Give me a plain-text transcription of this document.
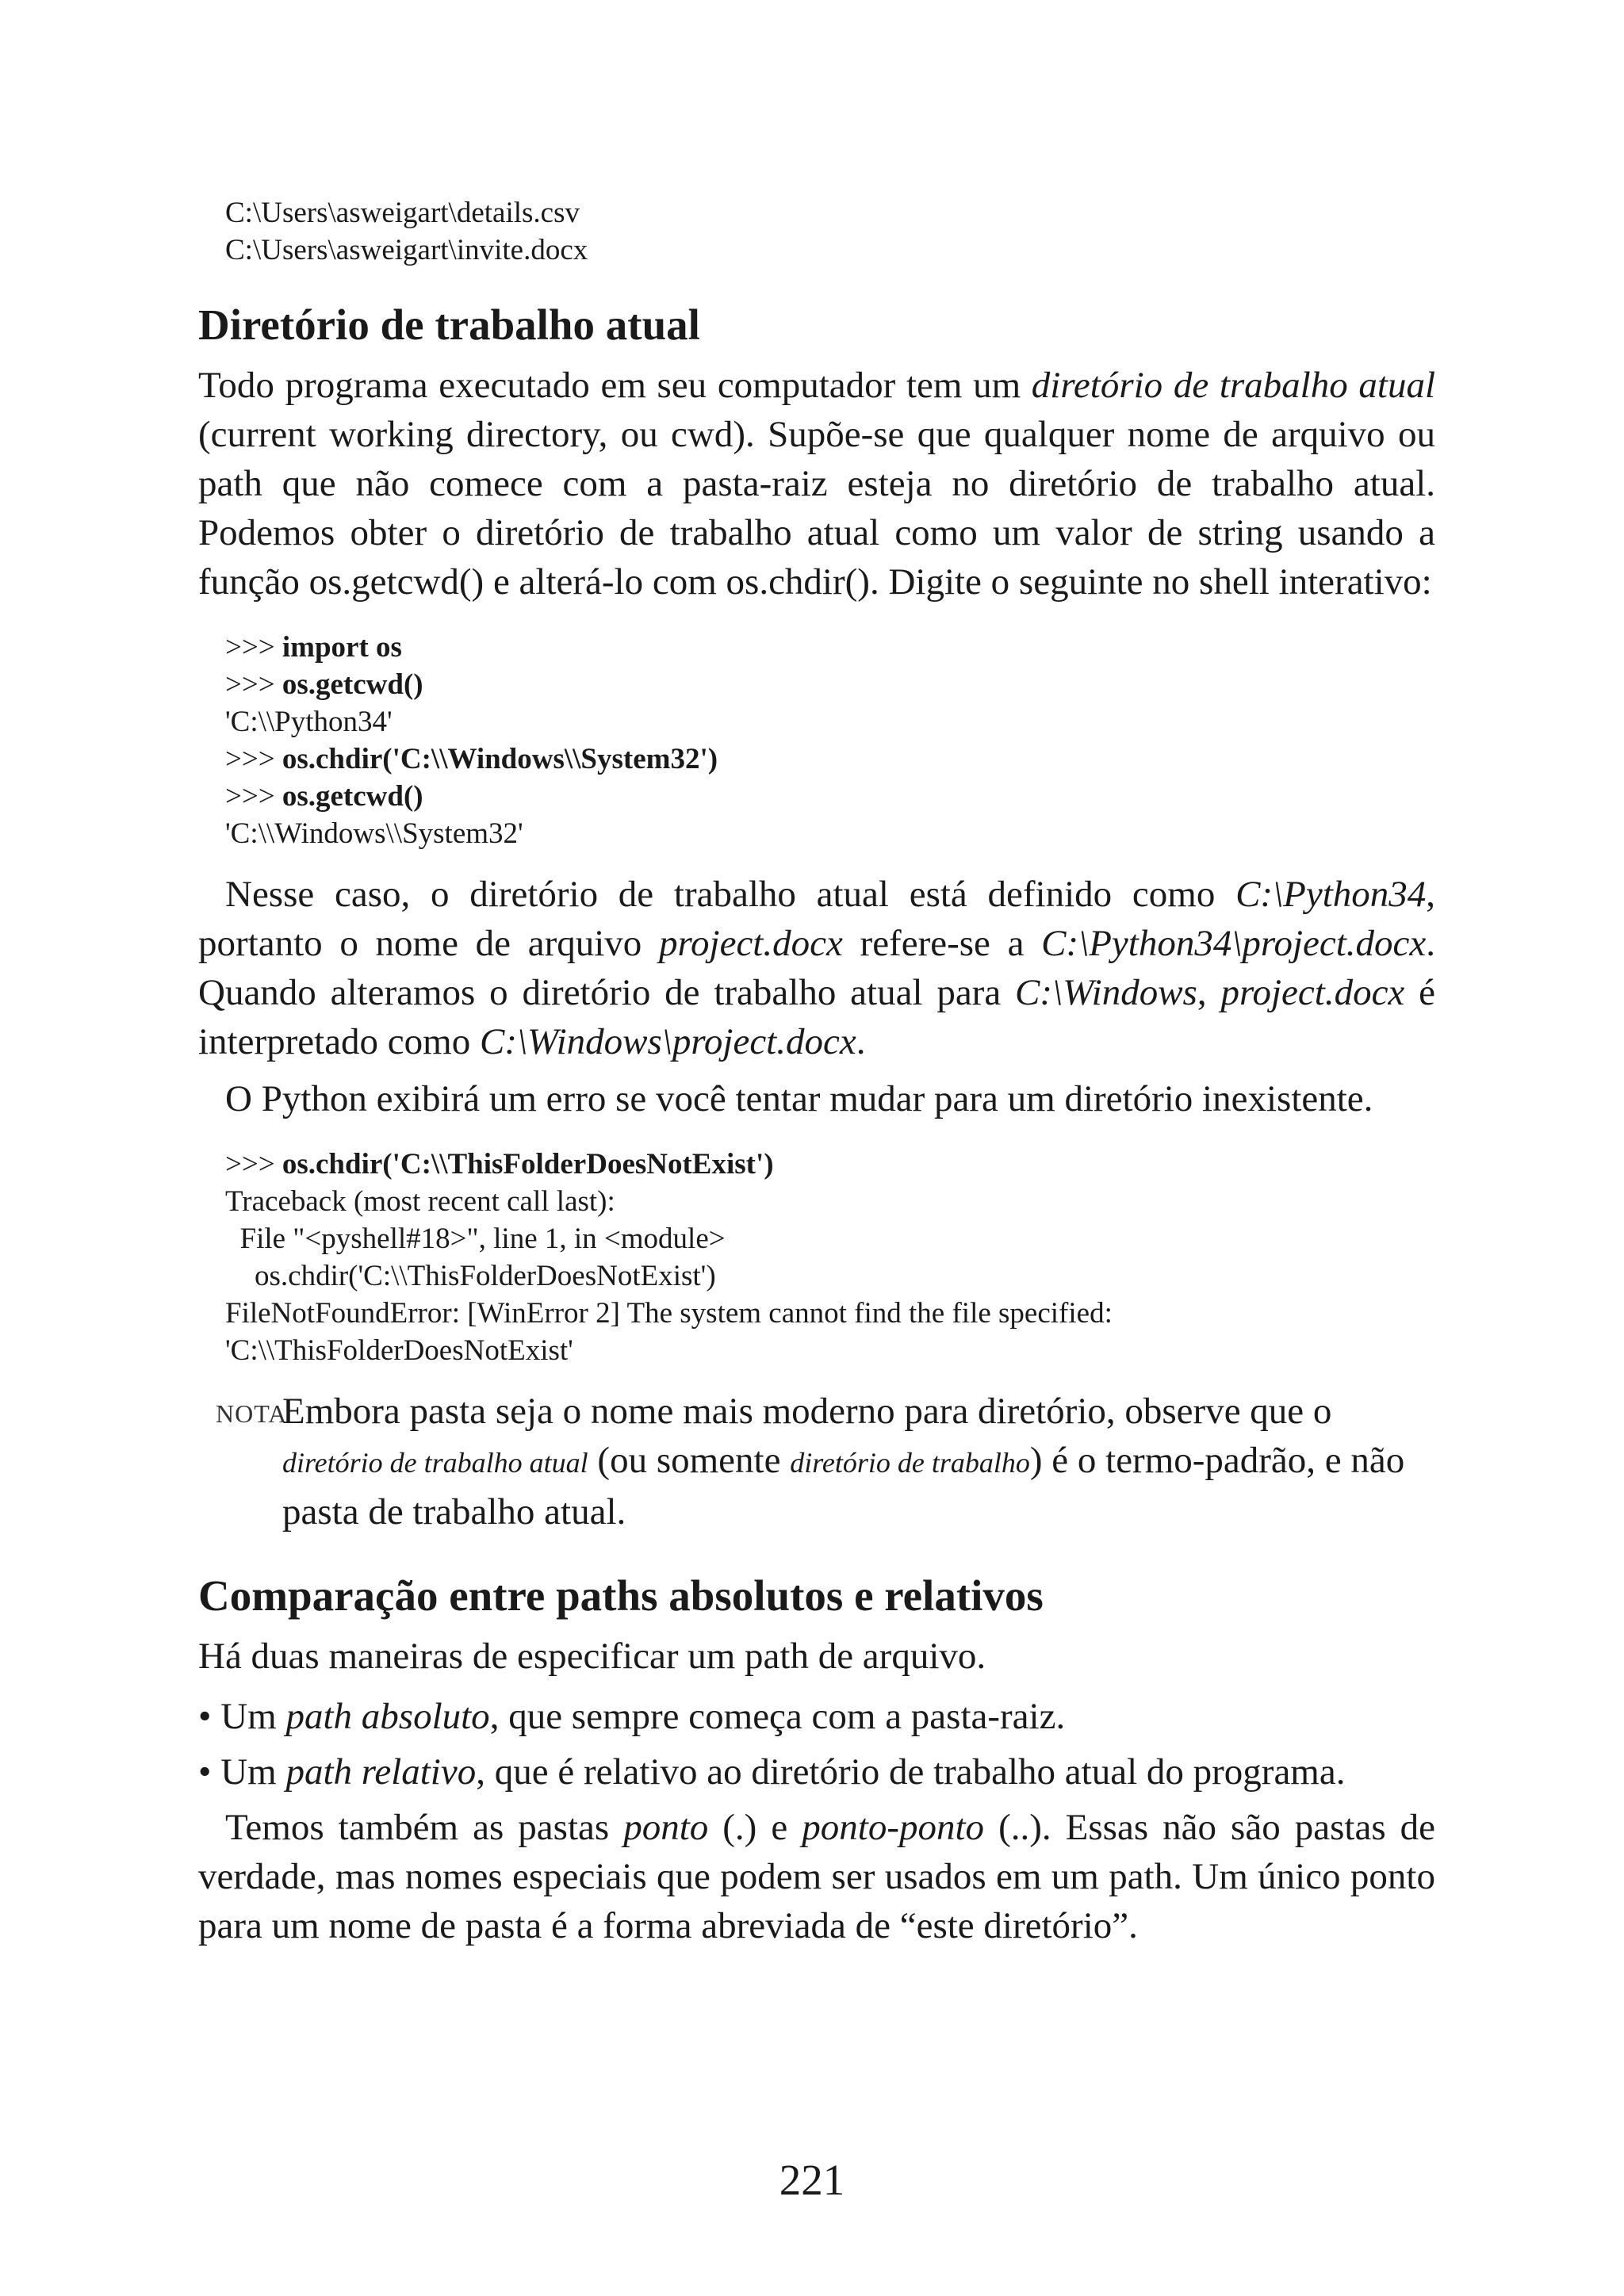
C:\Users\asweigart\details.csv
C:\Users\asweigart\invite.docx
Diretório de trabalho atual

Todo programa executado em seu computador tem um diretório de trabalho atual (current working directory, ou cwd). Supõe-se que qualquer nome de arquivo ou path que não comece com a pasta-raiz esteja no diretório de trabalho atual. Podemos obter o diretório de trabalho atual como um valor de string usando a função os.getcwd() e alterá-lo com os.chdir(). Digite o seguinte no shell interativo:

>>> import os
>>> os.getcwd()
'C:\\Python34'
>>> os.chdir('C:\\Windows\\System32')
>>> os.getcwd()
'C:\\Windows\\System32'

Nesse caso, o diretório de trabalho atual está definido como C:\Python34, portanto o nome de arquivo project.docx refere-se a C:\Python34\project.docx. Quando alteramos o diretório de trabalho atual para C:\Windows, project.docx é interpretado como C:\Windows\project.docx.

O Python exibirá um erro se você tentar mudar para um diretório inexistente.

>>> os.chdir('C:\\ThisFolderDoesNotExist')
Traceback (most recent call last):
File "<pyshell#18>", line 1, in <module>
os.chdir('C:\\ThisFolderDoesNotExist')
FileNotFoundError: [WinError 2] The system cannot find the file specified:
'C:\\ThisFolderDoesNotExist'
NOTA
Embora pasta seja o nome mais moderno para diretório, observe que o diretório de trabalho atual (ou somente diretório de trabalho) é o termo-padrão, e não pasta de trabalho atual.
Comparação entre paths absolutos e relativos

Há duas maneiras de especificar um path de arquivo.

• Um path absoluto, que sempre começa com a pasta-raiz.
• Um path relativo, que é relativo ao diretório de trabalho atual do programa.

Temos também as pastas ponto (.) e ponto-ponto (..). Essas não são pastas de verdade, mas nomes especiais que podem ser usados em um path. Um único ponto para um nome de pasta é a forma abreviada de “este diretório”.

221
